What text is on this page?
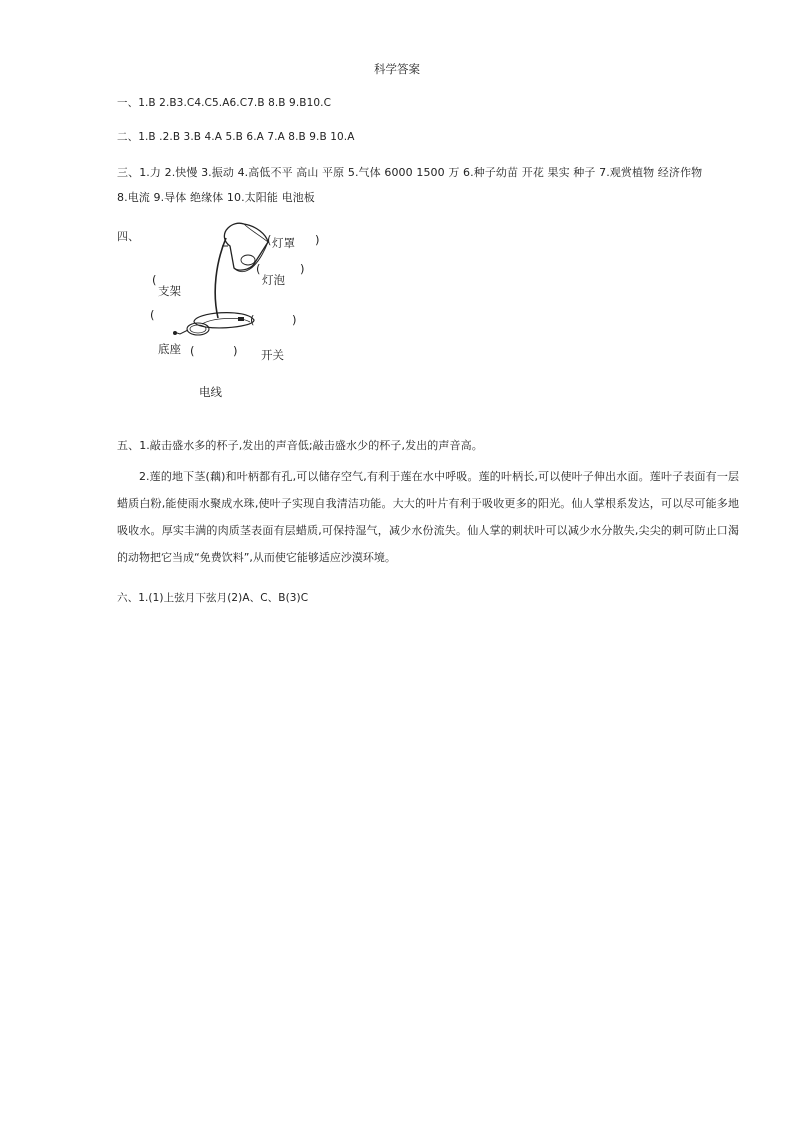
科学答案
一、1.B 2.B3.C4.C5.A6.C7.B 8.B 9.B10.C
二、1.B .2.B 3.B 4.A 5.B 6.A 7.A 8.B 9.B 10.A
三、1.力 2.快慢 3.振动 4.高低不平 高山 平原 5.气体 6000 1500 万 6.种子幼苗 开花 果实 种子 7.观赏植物 经济作物
8.电流 9.导体 绝缘体 10.太阳能 电池板
四、	灯罩
(	)
灯泡
(	)
(
支架
(	(	)
底座 (	) 开关
电线
五、1.敲击盛水多的杯子,发出的声音低;敲击盛水少的杯子,发出的声音高。
2.莲的地下茎(藕)和叶柄都有孔,可以储存空气,有利于莲在水中呼吸。莲的叶柄长,可以使叶子伸出水面。莲叶子表面有一层蜡质白粉,能使雨水聚成水珠,使叶子实现自我清洁功能。大大的叶片有利于吸收更多的阳光。仙人掌根系发达，可以尽可能多地吸收水。厚实丰满的肉质茎表面有层蜡质,可保持湿气，减少水份流失。仙人掌的刺状叶可以减少水分散失,尖尖的刺可防止口渴的动物把它当成“免费饮料”,从而使它能够适应沙漠环境。
六、1.(1)上弦月下弦月(2)A、C、B(3)C
